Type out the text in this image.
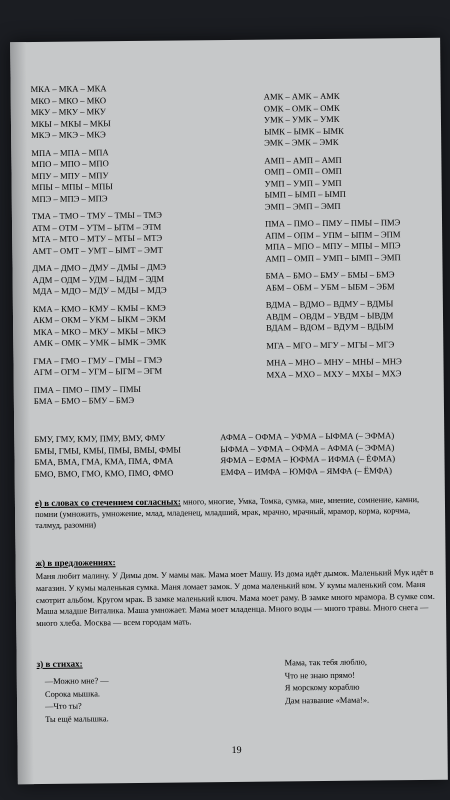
МКА – МКА – МКА
МКО – МКО – МКО
МКУ – МКУ – МКУ
МКЫ – МКЫ – МКЫ
МКЭ – МКЭ – МКЭ
МПА – МПА – МПА
МПО – МПО – МПО
МПУ – МПУ – МПУ
МПЫ – МПЫ – МПЫ
МПЭ – МПЭ – МПЭ
ТМА – ТМО – ТМУ – ТМЫ – ТМЭ
АТМ – ОТМ – УТМ – ЫТМ – ЭТМ
МТА – МТО – МТУ – МТЫ – МТЭ
АМТ – ОМТ – УМТ – ЫМТ – ЭМТ
ДМА – ДМО – ДМУ – ДМЫ – ДМЭ
АДМ – ОДМ – УДМ – ЫДМ – ЭДМ
МДА – МДО – МДУ – МДЫ – МДЭ
КМА – КМО – КМУ – КМЫ – КМЭ
АКМ – ОКМ – УКМ – ЫКМ – ЭКМ
МКА – МКО – МКУ – МКЫ – МКЭ
АМК – ОМК – УМК – ЫМК – ЭМК
ГМА – ГМО – ГМУ – ГМЫ – ГМЭ
АГМ – ОГМ – УГМ – ЫГМ – ЭГМ
ПМА – ПМО – ПМУ – ПМЫ
БМА – БМО – БМУ – БМЭ
АМК – АМК – АМК
ОМК – ОМК – ОМК
УМК – УМК – УМК
ЫМК – ЫМК – ЫМК
ЭМК – ЭМК – ЭМК
АМП – АМП – АМП
ОМП – ОМП – ОМП
УМП – УМП – УМП
ЫМП – ЫМП – ЫМП
ЭМП – ЭМП – ЭМП
ПМА – ПМО – ПМУ – ПМЫ – ПМЭ
АПМ – ОПМ – УПМ – ЫПМ – ЭПМ
МПА – МПО – МПУ – МПЫ – МПЭ
АМП – ОМП – УМП – ЫМП – ЭМП
БМА – БМО – БМУ – БМЫ – БМЭ
АБМ – ОБМ – УБМ – ЫБМ – ЭБМ
ВДМА – ВДМО – ВДМУ – ВДМЫ
АВДМ – ОВДМ – УВДМ – ЫВДМ
ВДАМ – ВДОМ – ВДУМ – ВДЫМ
МГА – МГО – МГУ – МГЫ – МГЭ
МНА – МНО – МНУ – МНЫ – МНЭ
МХА – МХО – МХУ – МХЫ – МХЭ
БМУ, ГМУ, КМУ, ПМУ, ВМУ, ФМУ
БМЫ, ГМЫ, КМЫ, ПМЫ, ВМЫ, ФМЫ
БМА, ВМА, ГМА, КМА, ПМА, ФМА
БМО, ВМО, ГМО, КМО, ПМО, ФМО
АФМА – ОФМА – УФМА – ЫФМА (– ЭФМА)
ЫФМА – УФМА – ОФМА – АФМА (– ЭФМА)
ЯФМА – ЕФМА – ЮФМА – ИФМА (– ЁФМА)
ЕМФА – ИМФА – ЮМФА – ЯМФА (– ЁМФА)
е) в словах со стечением согласных: много, многие, Умка, Томка, сумка, мне, мнение, сомнение, камни, помни (умножить, умножение, млад, младенец, младший, мрак, мрачно, мрачный, мрамор, корма, корчма, талмуд, разомни)
ж) в предложениях:
Маня любит малину. У Димы дом. У мамы мак. Мама моет Машу. Из дома идёт дымок. Маленький Мук идёт в магазин. У кумы маленькая сумка. Маня ломает замок. У дома маленький ком. У кумы маленький сом. Маня смотрит альбом. Кругом мрак. В замке маленький ключ. Мама моет раму. В замке много мрамора. В сумке сом. Маша младше Виталика. Маша умножает. Мама моет младенца. Много воды — много травы. Много снега — много хлеба. Москва — всем городам мать.
з) в стихах:
—Можно мне? —
Сорока мышка.
—Что ты?
Ты ещё малышка.
Мама, так тебя люблю,
Что не знаю прямо!
Я морскому кораблю
Дам название «Мама!».
19
